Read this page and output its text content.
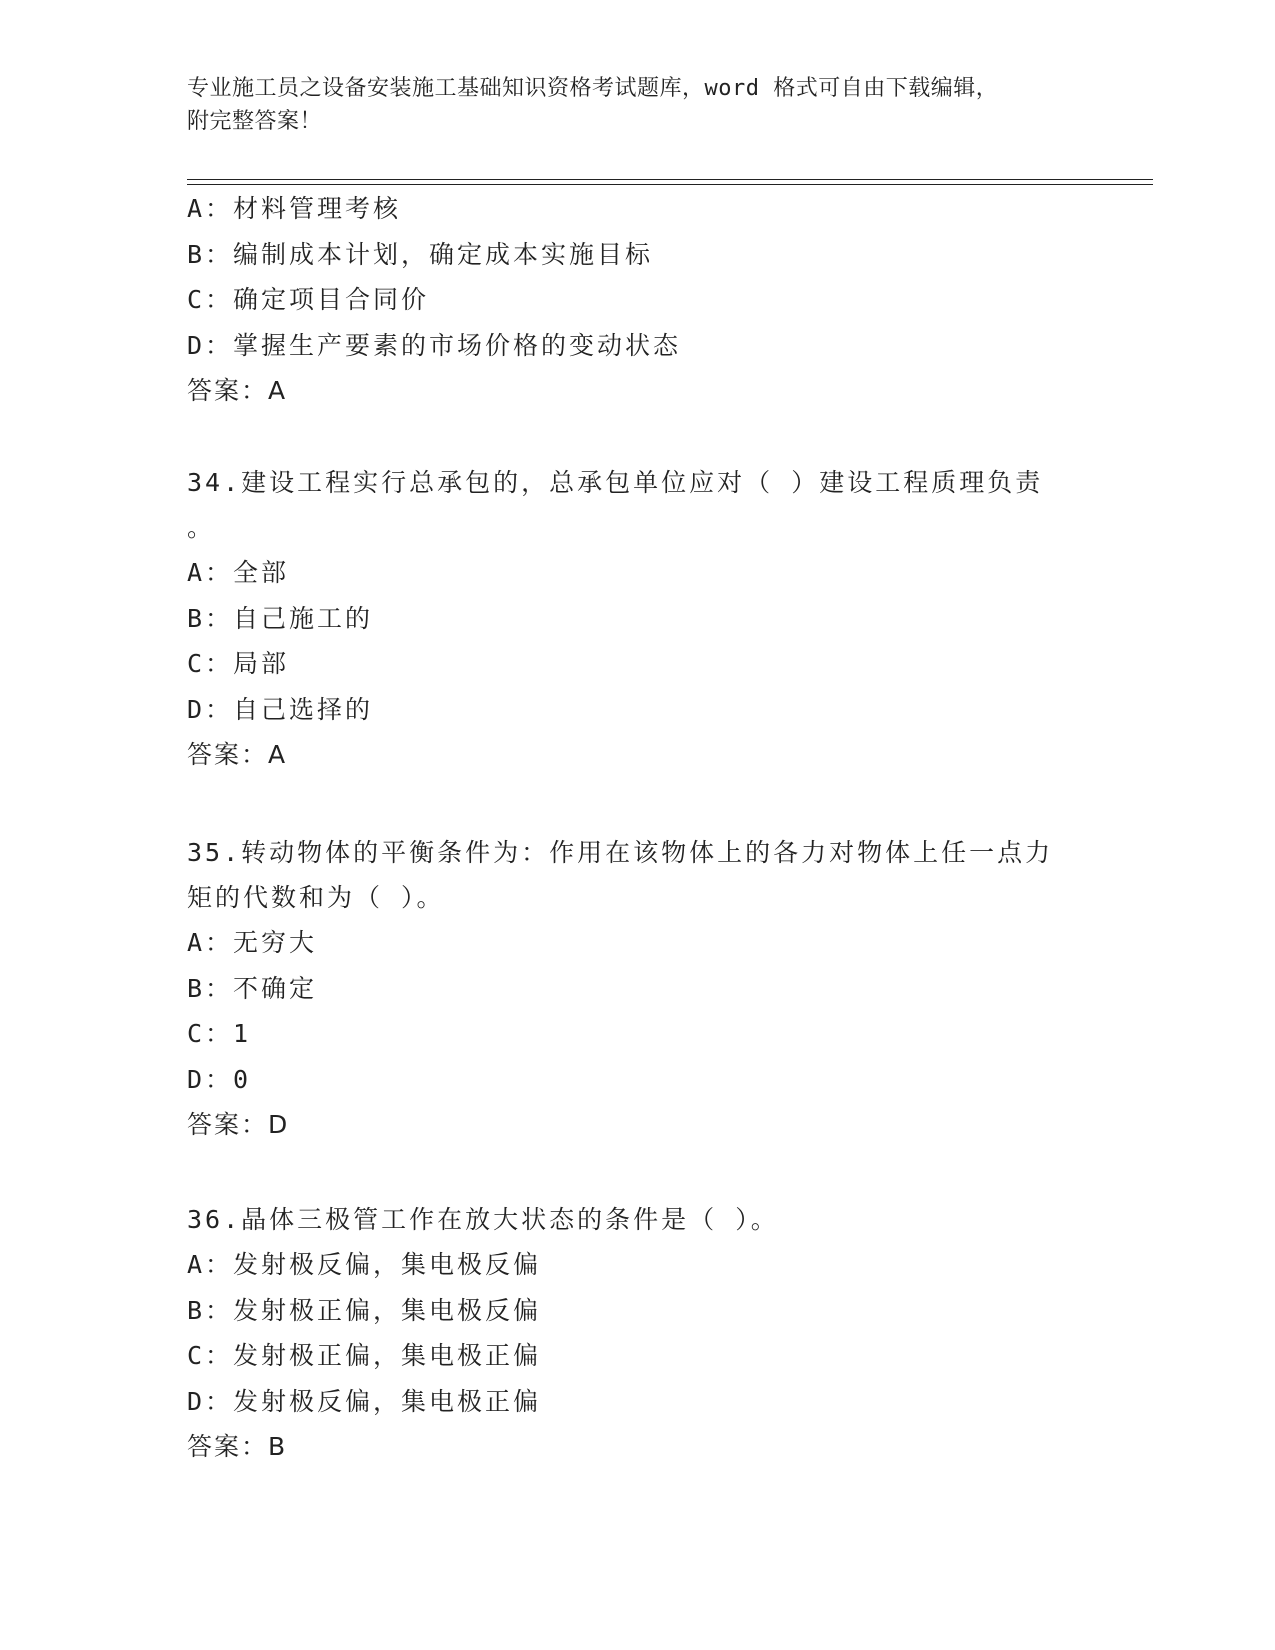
专业施工员之设备安装施工基础知识资格考试题库，word 格式可自由下载编辑，
附完整答案！
A：材料管理考核
B：编制成本计划，确定成本实施目标
C：确定项目合同价
D：掌握生产要素的市场价格的变动状态
答案：A
34.建设工程实行总承包的，总承包单位应对（ ）建设工程质理负责
。
A：全部
B：自己施工的
C：局部
D：自己选择的
答案：A
35.转动物体的平衡条件为：作用在该物体上的各力对物体上任一点力
矩的代数和为（ ）。
A：无穷大
B：不确定
C：1
D：0
答案：D
36.晶体三极管工作在放大状态的条件是（ ）。
A：发射极反偏，集电极反偏
B：发射极正偏，集电极反偏
C：发射极正偏，集电极正偏
D：发射极反偏，集电极正偏
答案：B
